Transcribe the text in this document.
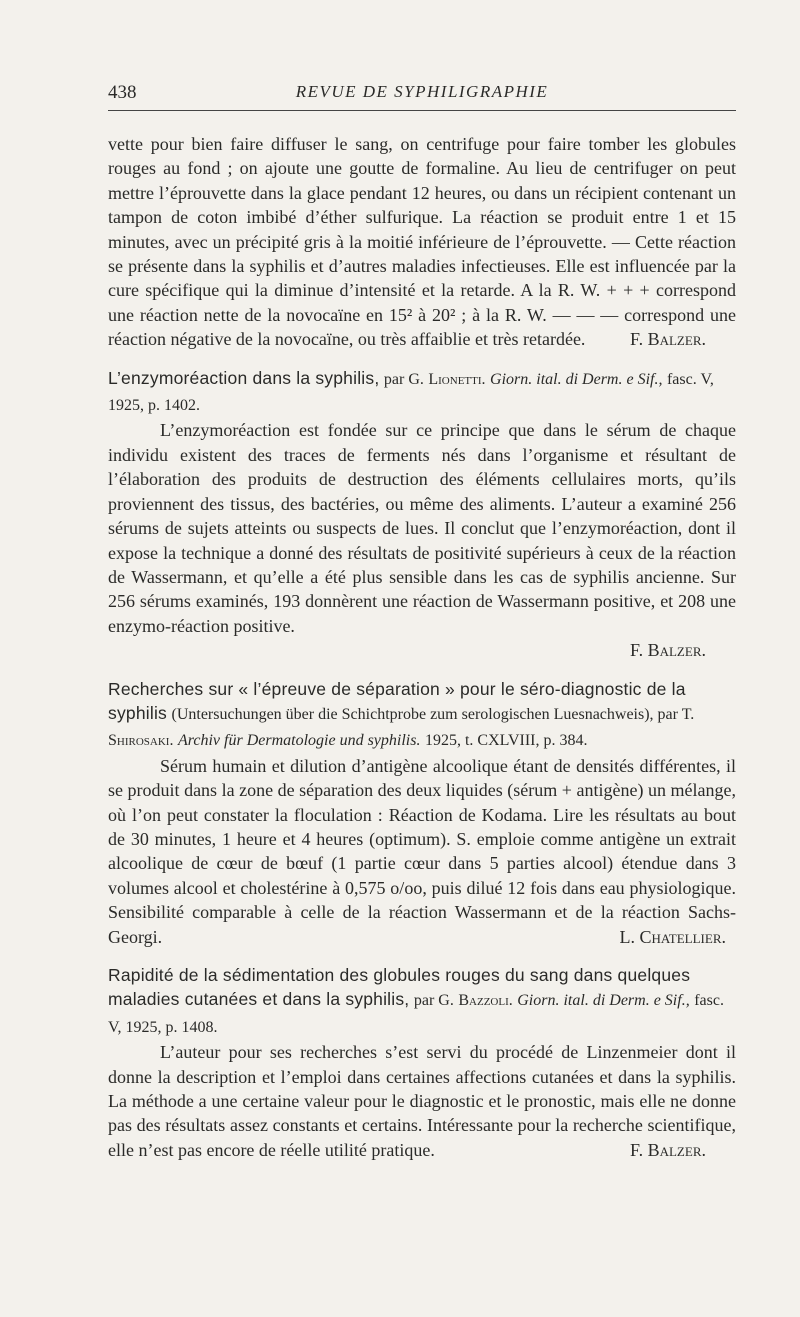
438	REVUE DE SYPHILIGRAPHIE

vette pour bien faire diffuser le sang, on centrifuge pour faire tomber les globules rouges au fond ; on ajoute une goutte de formaline. Au lieu de centrifuger on peut mettre l’éprouvette dans la glace pendant 12 heures, ou dans un récipient contenant un tampon de coton imbibé d’éther sulfurique. La réaction se produit entre 1 et 15 minutes, avec un précipité gris à la moitié inférieure de l’éprouvette. — Cette réaction se présente dans la syphilis et d’autres maladies infectieuses. Elle est influencée par la cure spécifique qui la diminue d’intensité et la retarde. A la R. W. + + + correspond une réaction nette de la novocaïne en 15² à 20² ; à la R. W. — — — correspond une réaction négative de la novocaïne, ou très affaiblie et très retardée. F. Balzer.

L’enzymoréaction dans la syphilis, par G. Lionetti. Giorn. ital. di Derm. e Sif., fasc. V, 1925, p. 1402.

L’enzymoréaction est fondée sur ce principe que dans le sérum de chaque individu existent des traces de ferments nés dans l’organisme et résultant de l’élaboration des produits de destruction des éléments cellulaires morts, qu’ils proviennent des tissus, des bactéries, ou même des aliments. L’auteur a examiné 256 sérums de sujets atteints ou suspects de lues. Il conclut que l’enzymoréaction, dont il expose la technique a donné des résultats de positivité supérieurs à ceux de la réaction de Wassermann, et qu’elle a été plus sensible dans les cas de syphilis ancienne. Sur 256 sérums examinés, 193 donnèrent une réaction de Wassermann positive, et 208 une enzymo-réaction positive.

F. Balzer.

Recherches sur « l’épreuve de séparation » pour le séro-diagnostic de la syphilis (Untersuchungen über die Schichtprobe zum serologischen Luesnachweis), par T. Shirosaki. Archiv für Dermatologie und syphilis. 1925, t. CXLVIII, p. 384.

Sérum humain et dilution d’antigène alcoolique étant de densités différentes, il se produit dans la zone de séparation des deux liquides (sérum + antigène) un mélange, où l’on peut constater la floculation : Réaction de Kodama. Lire les résultats au bout de 30 minutes, 1 heure et 4 heures (optimum). S. emploie comme antigène un extrait alcoolique de cœur de bœuf (1 partie cœur dans 5 parties alcool) étendue dans 3 volumes alcool et cholestérine à 0,575 o/oo, puis dilué 12 fois dans eau physiologique. Sensibilité comparable à celle de la réaction Wassermann et de la réaction Sachs-Georgi.	L. Chatellier.

Rapidité de la sédimentation des globules rouges du sang dans quelques maladies cutanées et dans la syphilis, par G. Bazzoli. Giorn. ital. di Derm. e Sif., fasc. V, 1925, p. 1408.

L’auteur pour ses recherches s’est servi du procédé de Linzenmeier dont il donne la description et l’emploi dans certaines affections cutanées et dans la syphilis. La méthode a une certaine valeur pour le diagnostic et le pronostic, mais elle ne donne pas des résultats assez constants et certains. Intéressante pour la recherche scientifique, elle n’est pas encore de réelle utilité pratique.	F. Balzer.
